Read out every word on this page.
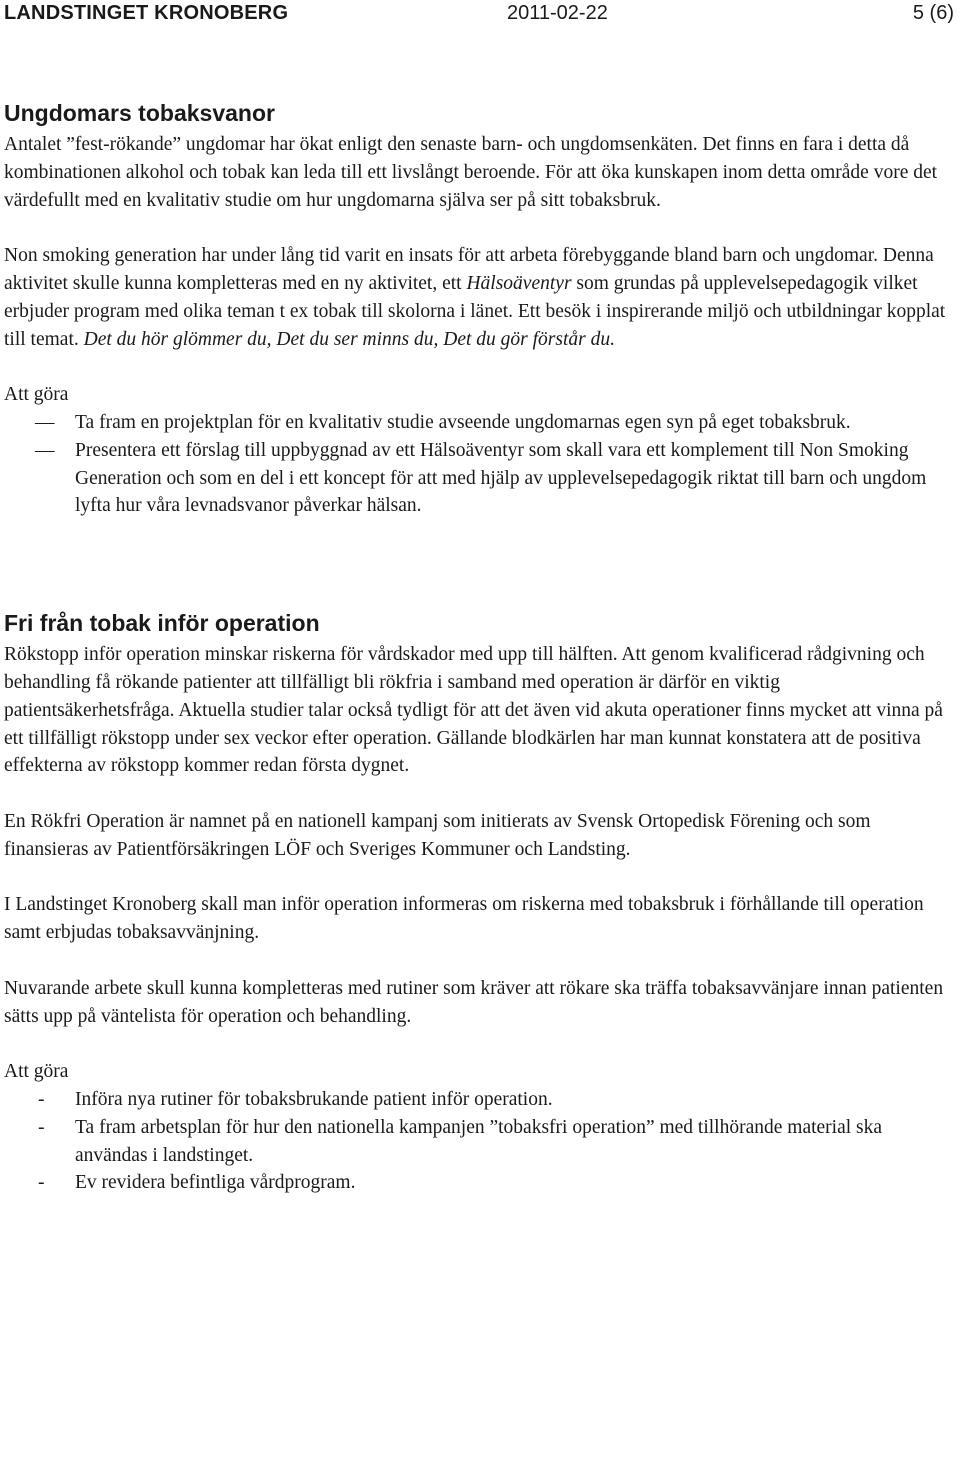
LANDSTINGET KRONOBERG	2011-02-22	5 (6)
Ungdomars tobaksvanor

Antalet ”fest-rökande” ungdomar har ökat enligt den senaste barn- och ungdomsenkäten. Det finns en fara i detta då kombinationen alkohol och tobak kan leda till ett livslångt beroende. För att öka kunskapen inom detta område vore det värdefullt med en kvalitativ studie om hur ungdomarna själva ser på sitt tobaksbruk.

Non smoking generation har under lång tid varit en insats för att arbeta förebyggande bland barn och ungdomar. Denna aktivitet skulle kunna kompletteras med en ny aktivitet, ett Hälsoäventyr som grundas på upplevelsepedagogik vilket erbjuder program med olika teman t ex tobak till skolorna i länet. Ett besök i inspirerande miljö och utbildningar kopplat till temat. Det du hör glömmer du, Det du ser minns du, Det du gör förstår du.

Att göra
— Ta fram en projektplan för en kvalitativ studie avseende ungdomarnas egen syn på eget tobaksbruk.
— Presentera ett förslag till uppbyggnad av ett Hälsoäventyr som skall vara ett komplement till Non Smoking Generation och som en del i ett koncept för att med hjälp av upplevelsepedagogik riktat till barn och ungdom lyfta hur våra levnadsvanor påverkar hälsan.
Fri från tobak inför operation

Rökstopp inför operation minskar riskerna för vårdskador med upp till hälften. Att genom kvalificerad rådgivning och behandling få rökande patienter att tillfälligt bli rökfria i samband med operation är därför en viktig patientsäkerhetsfråga. Aktuella studier talar också tydligt för att det även vid akuta operationer finns mycket att vinna på ett tillfälligt rökstopp under sex veckor efter operation. Gällande blodkärlen har man kunnat konstatera att de positiva effekterna av rökstopp kommer redan första dygnet.

En Rökfri Operation är namnet på en nationell kampanj som initierats av Svensk Ortopedisk Förening och som finansieras av Patientförsäkringen LÖF och Sveriges Kommuner och Landsting.

I Landstinget Kronoberg skall man inför operation informeras om riskerna med tobaksbruk i förhållande till operation samt erbjudas tobaksavvänjning.

Nuvarande arbete skull kunna kompletteras med rutiner som kräver att rökare ska träffa tobaksavvänjare innan patienten sätts upp på väntelista för operation och behandling.

Att göra
- Införa nya rutiner för tobaksbrukande patient inför operation.
- Ta fram arbetsplan för hur den nationella kampanjen ”tobaksfri operation” med tillhörande material ska användas i landstinget.
- Ev revidera befintliga vårdprogram.
